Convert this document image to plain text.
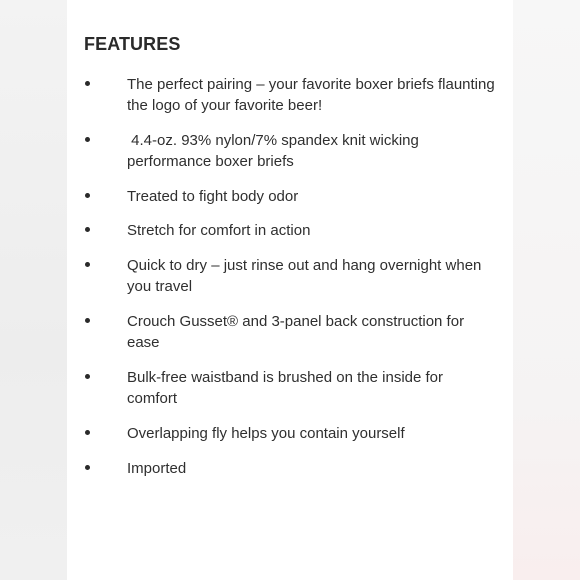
FEATURES
The perfect pairing – your favorite boxer briefs flaunting the logo of your favorite beer!
4.4-oz. 93% nylon/7% spandex knit wicking performance boxer briefs
Treated to fight body odor
Stretch for comfort in action
Quick to dry – just rinse out and hang overnight when you travel
Crouch Gusset® and 3-panel back construction for ease
Bulk-free waistband is brushed on the inside for comfort
Overlapping fly helps you contain yourself
Imported
